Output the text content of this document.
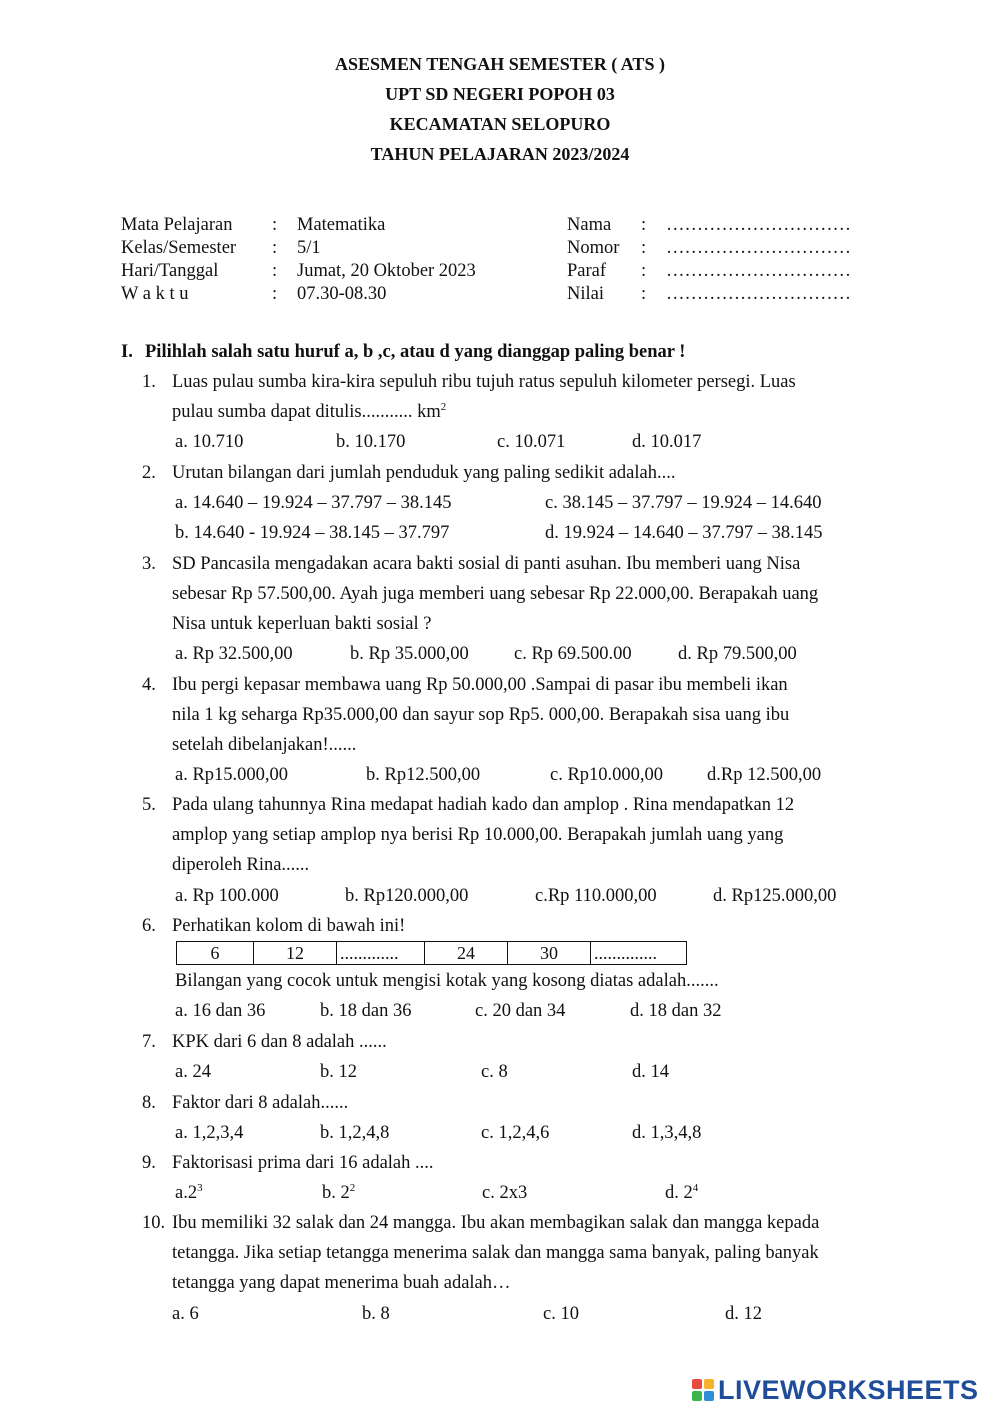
ASESMEN TENGAH SEMESTER ( ATS )
UPT SD NEGERI POPOH 03
KECAMATAN SELOPURO
TAHUN PELAJARAN 2023/2024
Mata Pelajaran : Matematika
Kelas/Semester : 5/1
Hari/Tanggal	: Jumat, 20 Oktober 2023
W a k t u	: 07.30-08.30
Nama : …………………………
Nomor : …………………………
Paraf : …………………………
Nilai : …………………………
I. Pilihlah salah satu huruf a, b ,c, atau d yang dianggap paling benar !
1. Luas pulau sumba kira-kira sepuluh ribu tujuh ratus sepuluh kilometer persegi. Luas
pulau sumba dapat ditulis........... $km^2$
a. 10.710	b. 10.170	c. 10.071	d. 10.017
2. Urutan bilangan dari jumlah penduduk yang paling sedikit adalah....
a. 14.640 – 19.924 – 37.797 – 38.145	c. 38.145 – 37.797 – 19.924 – 14.640
b. 14.640 - 19.924 – 38.145 – 37.797	d. 19.924 – 14.640 – 37.797 – 38.145
3. SD Pancasila mengadakan acara bakti sosial di panti asuhan. Ibu memberi uang Nisa
sebesar Rp 57.500,00. Ayah juga memberi uang sebesar Rp 22.000,00. Berapakah uang
Nisa untuk keperluan bakti sosial ?
a. Rp 32.500,00	b. Rp 35.000,00 c. Rp 69.500.00	d. Rp 79.500,00
4. Ibu pergi kepasar membawa uang Rp 50.000,00 .Sampai di pasar ibu membeli ikan
nila 1 kg seharga Rp35.000,00 dan sayur sop Rp5. 000,00. Berapakah sisa uang ibu
setelah dibelanjakan!......
a. Rp15.000,00	b. Rp12.500,00	c. Rp10.000,00 d.Rp 12.500,00
5. Pada ulang tahunnya Rina medapat hadiah kado dan amplop . Rina mendapatkan 12
amplop yang setiap amplop nya berisi Rp 10.000,00. Berapakah jumlah uang yang
diperoleh Rina......
a. Rp 100.000	b. Rp120.000,00	c.Rp 110.000,00	d. Rp125.000,00
6. Perhatikan kolom di bawah ini!
6	12	.............	24	30	..............
Bilangan yang cocok untuk mengisi kotak yang kosong diatas adalah.......
a. 16 dan 36	b. 18 dan 36	c. 20 dan 34	d. 18 dan 32
7. KPK dari 6 dan 8 adalah ......
a. 24	b. 12	c. 8	d. 14
8. Faktor dari 8 adalah......
a. 1,2,3,4	b. 1,2,4,8	c. 1,2,4,6	d. 1,3,4,8
9. Faktorisasi prima dari 16 adalah ....
$a.2^3$	b. $2^2$	c. 2x3	d. $2^4$
10. Ibu memiliki 32 salak dan 24 mangga. Ibu akan membagikan salak dan mangga kepada
tetangga. Jika setiap tetangga menerima salak dan mangga sama banyak, paling banyak
tetangga yang dapat menerima buah adalah…
a. 6	b. 8	c. 10	d. 12
LIVEWORKSHEETS
